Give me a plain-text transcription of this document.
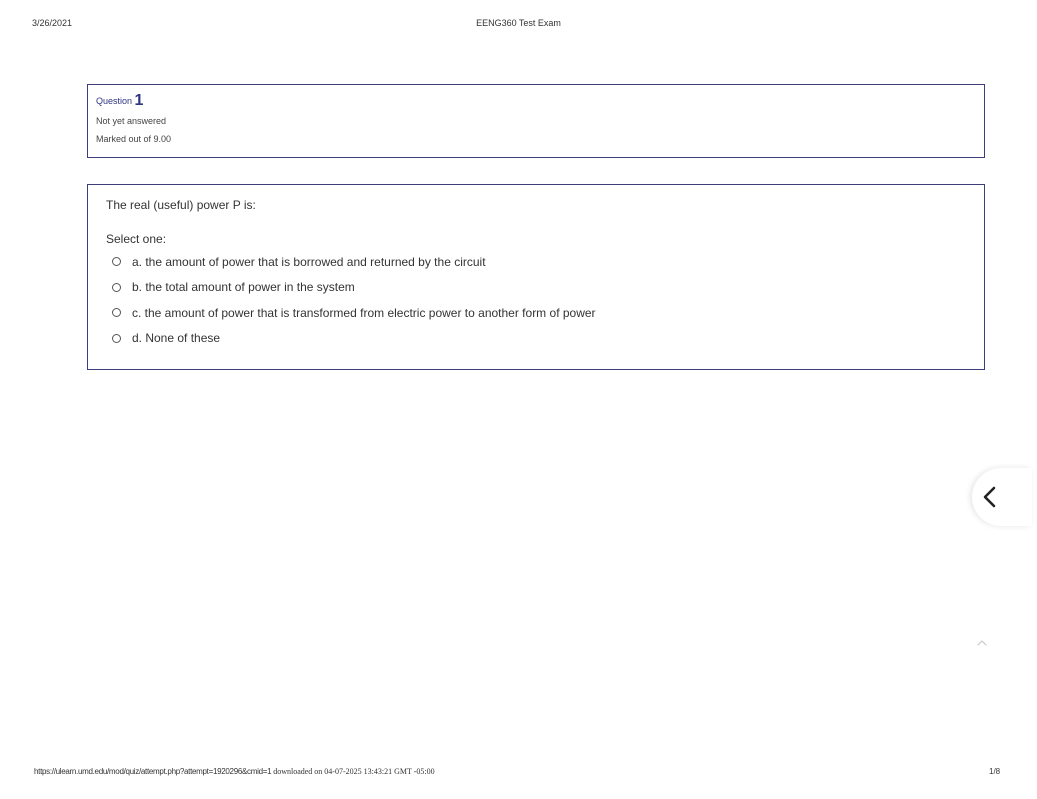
3/26/2021	EENG360 Test Exam
Question 1
Not yet answered
Marked out of 9.00

The real (useful) power P is:

Select one:
a. the amount of power that is borrowed and returned by the circuit
b. the total amount of power in the system
c. the amount of power that is transformed from electric power to another form of power
d. None of these
https://ulearn.umd.edu/mod/quiz/attempt.php?attempt=1920296&cmid=1 downloaded on 04-07-2025 13:43:21 GMT -05:00	1/8
